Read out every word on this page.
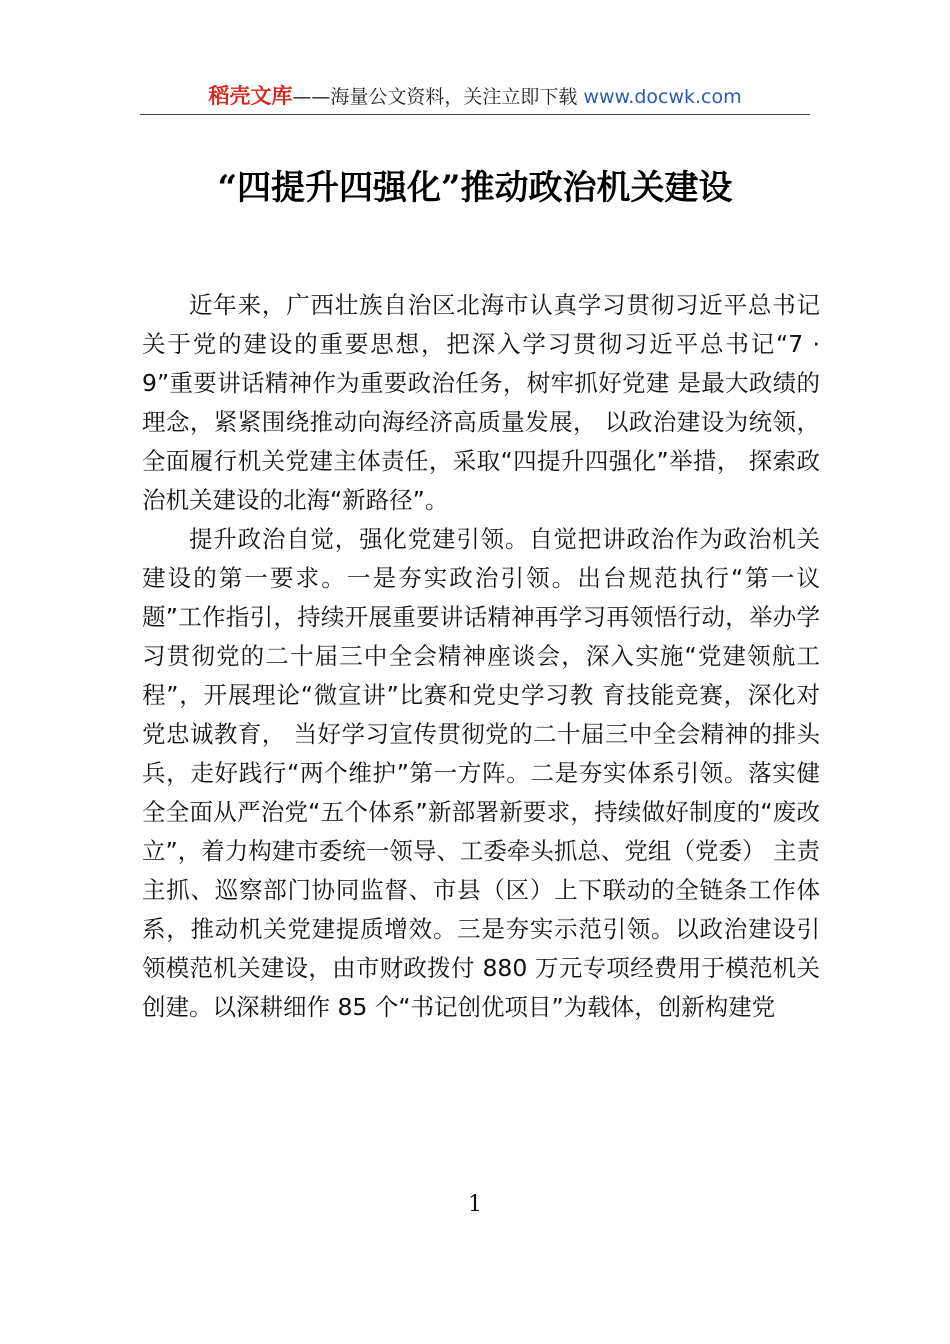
稻壳文库——海量公文资料，关注立即下载 www.docwk.com
“四提升四强化”推动政治机关建设

近年来，广西壮族自治区北海市认真学习贯彻习近平总书记关于党的建设的重要思想，把深入学习贯彻习近平总书记“7 ·9”重要讲话精神作为重要政治任务，树牢抓好党建 是最大政绩的理念，紧紧围绕推动向海经济高质量发展， 以政治建设为统领， 全面履行机关党建主体责任，采取“四提升四强化”举措， 探索政治机关建设的北海“新路径”。

提升政治自觉，强化党建引领。自觉把讲政治作为政治机关建设的第一要求。一是夯实政治引领。出台规范执行“第一议题”工作指引，持续开展重要讲话精神再学习再领悟行动，举办学习贯彻党的二十届三中全会精神座谈会，深入实施“党建领航工程”，开展理论“微宣讲”比赛和党史学习教 育技能竞赛，深化对党忠诚教育， 当好学习宣传贯彻党的二十届三中全会精神的排头兵，走好践行“两个维护”第一方阵。二是夯实体系引领。落实健全全面从严治党“五个体系”新部署新要求，持续做好制度的“废改立”，着力构建市委统一领导、工委牵头抓总、党组（党委） 主责主抓、巡察部门协同监督、市县（区）上下联动的全链条工作体系，推动机关党建提质增效。三是夯实示范引领。以政治建设引领模范机关建设，由市财政拨付 880 万元专项经费用于模范机关创建。以深耕细作 85 个“书记创优项目”为载体，创新构建党

1
